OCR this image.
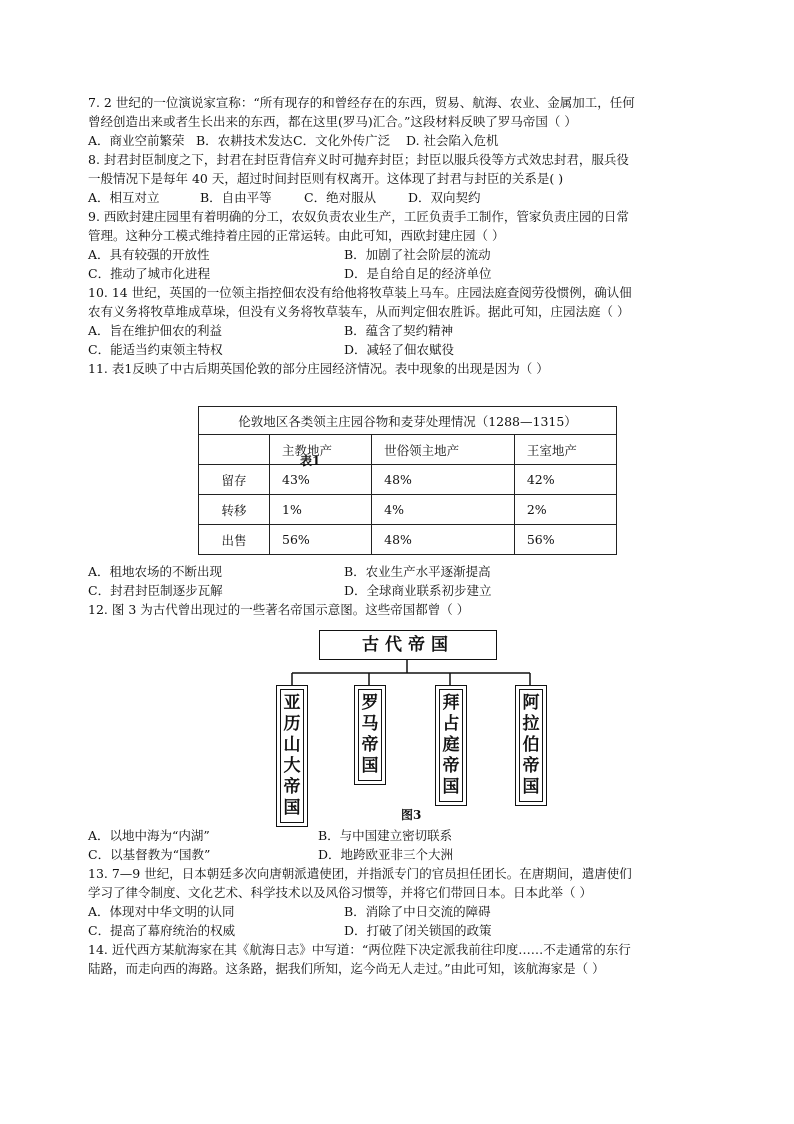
7. 2 世纪的一位演说家宣称：“所有现存的和曾经存在的东西，贸易、航海、农业、金属加工，任何
曾经创造出来或者生长出来的东西，都在这里(罗马)汇合。”这段材料反映了罗马帝国（ ）
A．商业空前繁荣 B．农耕技术发达 C．文化外传广泛 D. 社会陷入危机
8. 封君封臣制度之下，封君在封臣背信弃义时可抛弃封臣；封臣以服兵役等方式效忠封君，服兵役
一般情况下是每年 40 天，超过时间封臣则有权离开。这体现了封君与封臣的关系是( )
A．相互对立	B．自由平等	C．绝对服从	D．双向契约
9. 西欧封建庄园里有着明确的分工，农奴负责农业生产，工匠负责手工制作，管家负责庄园的日常
管理。这种分工模式维持着庄园的正常运转。由此可知，西欧封建庄园（ ）
A．具有较强的开放性	B．加剧了社会阶层的流动
C．推动了城市化进程	D．是自给自足的经济单位
10. 14 世纪，英国的一位领主指控佃农没有给他将牧草装上马车。庄园法庭查阅劳役惯例，确认佃
农有义务将牧草堆成草垛，但没有义务将牧草装车，从而判定佃农胜诉。据此可知，庄园法庭（ ）
A．旨在维护佃农的利益	B．蕴含了契约精神
C．能适当约束领主特权	D．减轻了佃农赋役
11. 表1反映了中古后期英国伦敦的部分庄园经济情况。表中现象的出现是因为（ ）
伦敦地区各类领主庄园谷物和麦芽处理情况（1288—1315）			
	主教地产	世俗领主地产	王室地产
留存	43%	48%	42%
转移	1%	4%	2%
出售	56%	48%	56%
表1
A．租地农场的不断出现	B．农业生产水平逐渐提高
C．封君封臣制逐步瓦解	D．全球商业联系初步建立
12. 图 3 为古代曾出现过的一些著名帝国示意图。这些帝国都曾（ ）
古代帝国
亚历山大帝国
罗马帝国
拜占庭帝国
阿拉伯帝国
图3
A．以地中海为“内湖”	B．与中国建立密切联系
C．以基督教为“国教”	D．地跨欧亚非三个大洲
13. 7—9 世纪，日本朝廷多次向唐朝派遣使团，并指派专门的官员担任团长。在唐期间，遣唐使们
学习了律令制度、文化艺术、科学技术以及风俗习惯等，并将它们带回日本。日本此举（ ）
A．体现对中华文明的认同	B．消除了中日交流的障碍
C．提高了幕府统治的权威	D．打破了闭关锁国的政策
14. 近代西方某航海家在其《航海日志》中写道：“两位陛下决定派我前往印度……不走通常的东行
陆路，而走向西的海路。这条路，据我们所知，迄今尚无人走过。”由此可知，该航海家是（ ）
